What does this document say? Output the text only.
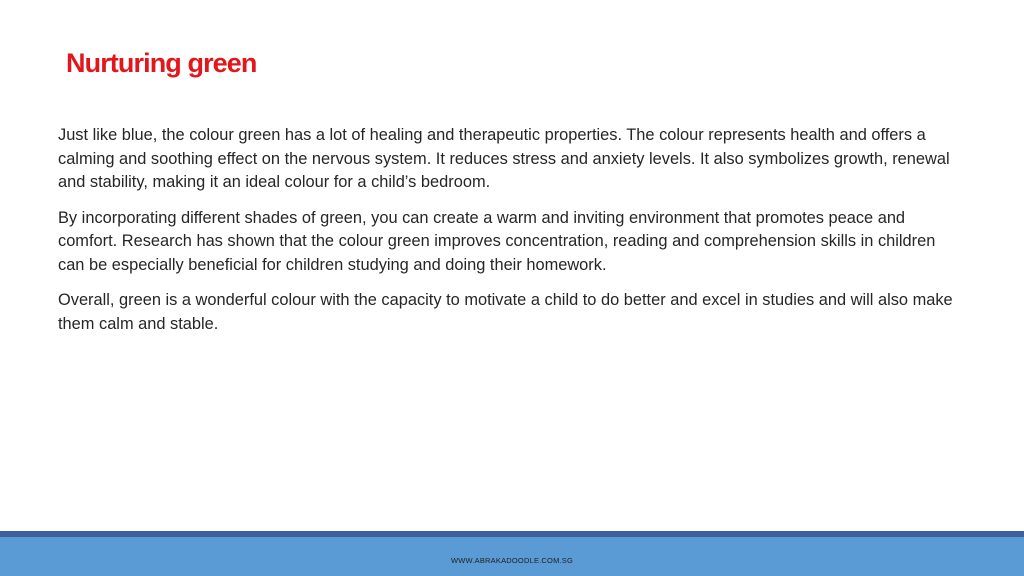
Nurturing green

Just like blue, the colour green has a lot of healing and therapeutic properties. The colour represents health and offers a calming and soothing effect on the nervous system. It reduces stress and anxiety levels. It also symbolizes growth, renewal and stability, making it an ideal colour for a child’s bedroom.

By incorporating different shades of green, you can create a warm and inviting environment that promotes peace and comfort. Research has shown that the colour green improves concentration, reading and comprehension skills in children can be especially beneficial for children studying and doing their homework.

Overall, green is a wonderful colour with the capacity to motivate a child to do better and excel in studies and will also make them calm and stable.

WWW.ABRAKADOODLE.COM.SG
